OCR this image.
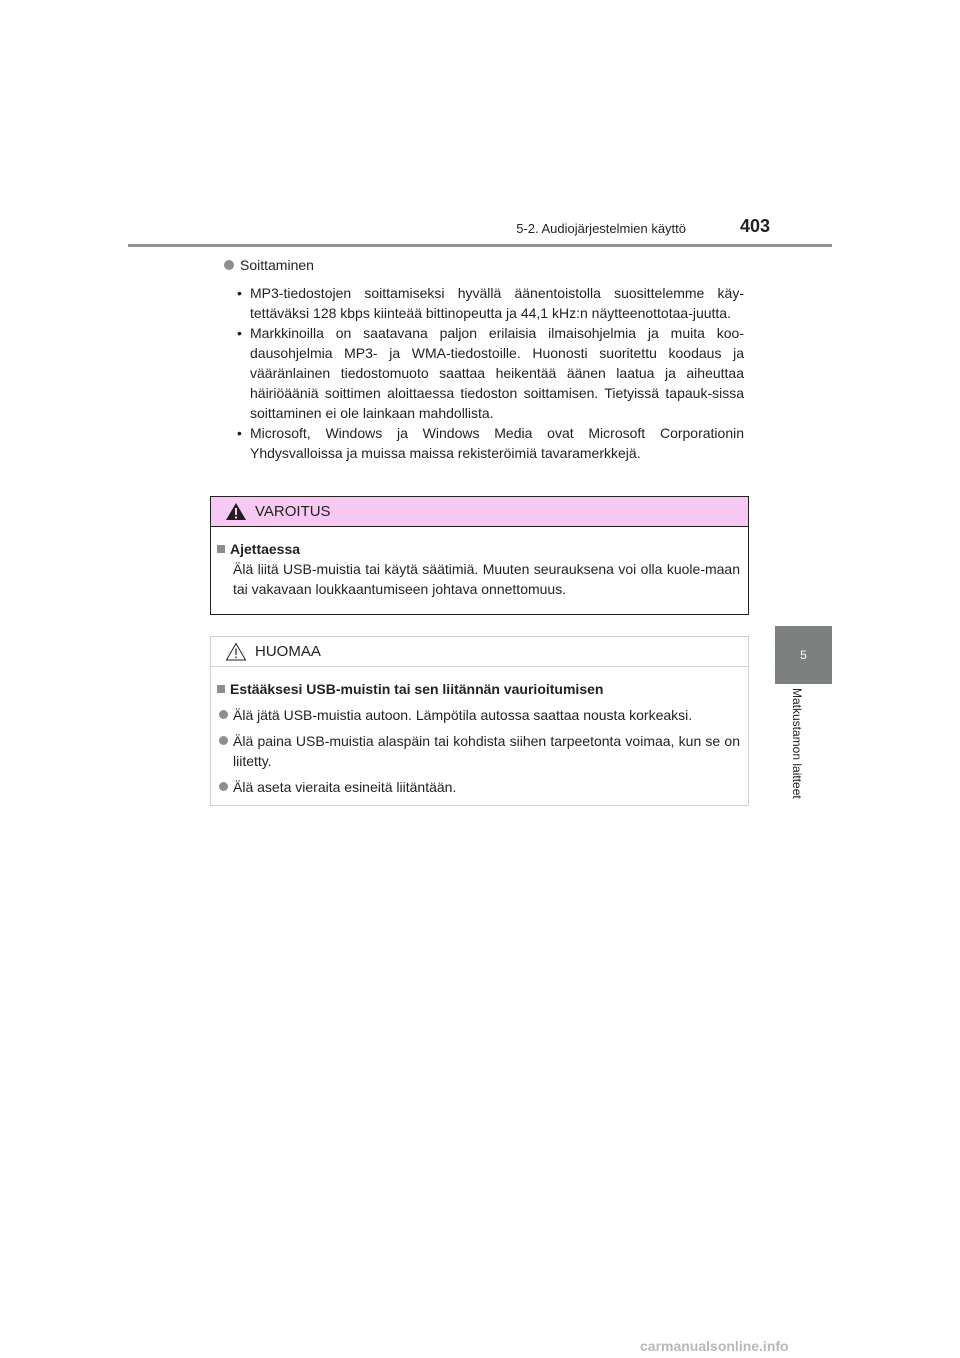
5-2. Audiojärjestelmien käyttö	403
5
Matkustamon laitteet
Soittaminen
• MP3-tiedostojen soittamiseksi hyvällä äänentoistolla suosittelemme käy-tettäväksi 128 kbps kiinteää bittinopeutta ja 44,1 kHz:n näytteenottotaa-juutta.
• Markkinoilla on saatavana paljon erilaisia ilmaisohjelmia ja muita koo-dausohjelmia MP3- ja WMA-tiedostoille. Huonosti suoritettu koodaus ja vääränlainen tiedostomuoto saattaa heikentää äänen laatua ja aiheuttaa häiriöääniä soittimen aloittaessa tiedoston soittamisen. Tietyissä tapauk-sissa soittaminen ei ole lainkaan mahdollista.
• Microsoft, Windows ja Windows Media ovat Microsoft Corporationin Yhdysvalloissa ja muissa maissa rekisteröimiä tavaramerkkejä.
VAROITUS
Ajettaessa
Älä liitä USB-muistia tai käytä säätimiä. Muuten seurauksena voi olla kuole-maan tai vakavaan loukkaantumiseen johtava onnettomuus.
HUOMAA
Estääksesi USB-muistin tai sen liitännän vaurioitumisen
Älä jätä USB-muistia autoon. Lämpötila autossa saattaa nousta korkeaksi.
Älä paina USB-muistia alaspäin tai kohdista siihen tarpeetonta voimaa, kun se on liitetty.
Älä aseta vieraita esineitä liitäntään.
carmanualsonline.info
